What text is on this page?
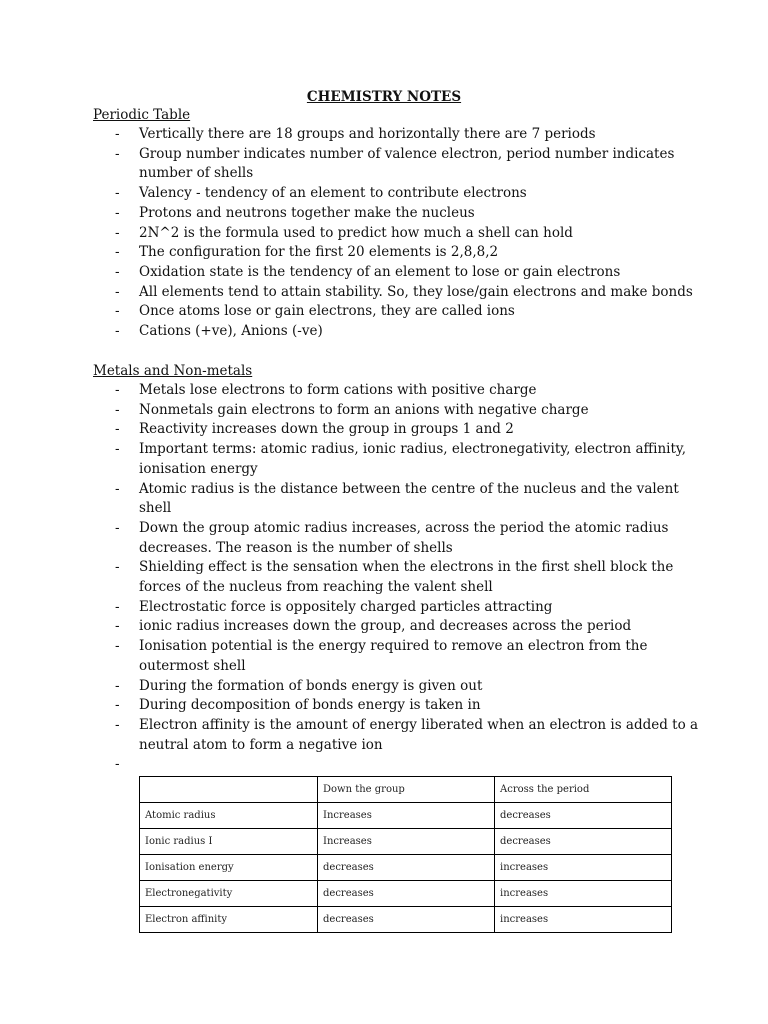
CHEMISTRY NOTES
Periodic Table
- Vertically there are 18 groups and horizontally there are 7 periods
- Group number indicates number of valence electron, period number indicates
number of shells
- Valency - tendency of an element to contribute electrons
- Protons and neutrons together make the nucleus
- 2N^2 is the formula used to predict how much a shell can hold
- The configuration for the first 20 elements is 2,8,8,2
- Oxidation state is the tendency of an element to lose or gain electrons
- All elements tend to attain stability. So, they lose/gain electrons and make bonds
- Once atoms lose or gain electrons, they are called ions
- Cations (+ve), Anions (-ve)
Metals and Non-metals
- Metals lose electrons to form cations with positive charge
- Nonmetals gain electrons to form an anions with negative charge
- Reactivity increases down the group in groups 1 and 2
- Important terms: atomic radius, ionic radius, electronegativity, electron affinity,
ionisation energy
- Atomic radius is the distance between the centre of the nucleus and the valent
shell
- Down the group atomic radius increases, across the period the atomic radius
decreases. The reason is the number of shells
- Shielding effect is the sensation when the electrons in the first shell block the
forces of the nucleus from reaching the valent shell
- Electrostatic force is oppositely charged particles attracting
- ionic radius increases down the group, and decreases across the period
- Ionisation potential is the energy required to remove an electron from the
outermost shell
- During the formation of bonds energy is given out
- During decomposition of bonds energy is taken in
- Electron affinity is the amount of energy liberated when an electron is added to a
neutral atom to form a negative ion
-
	Down the group	Across the period
Atomic radius	Increases	decreases
Ionic radius I	Increases	decreases
Ionisation energy	decreases	increases
Electronegativity	decreases	increases
Electron affinity	decreases	increases
